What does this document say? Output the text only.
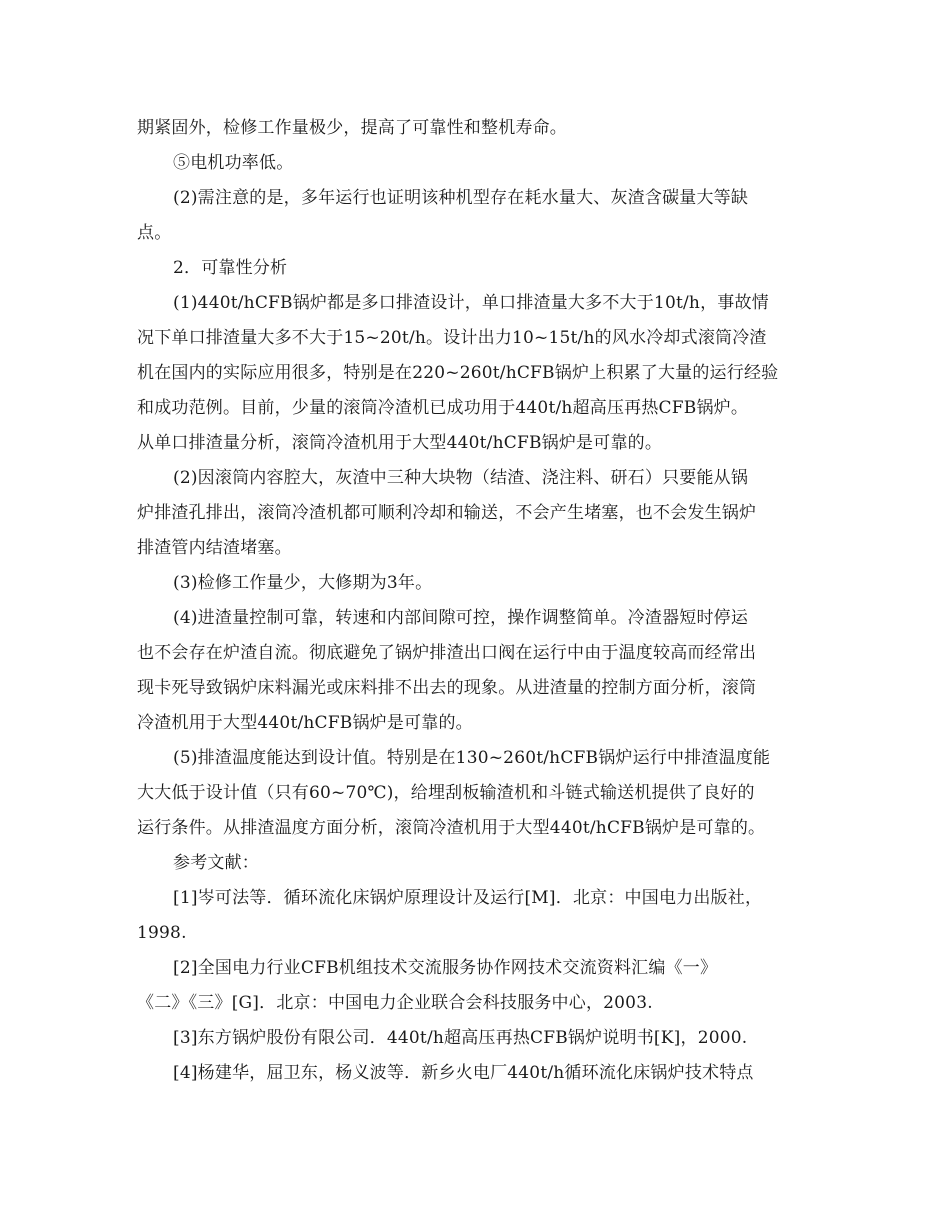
期紧固外，检修工作量极少，提高了可靠性和整机寿命。
⑤电机功率低。
(2)需注意的是，多年运行也证明该种机型存在耗水量大、灰渣含碳量大等缺
点。
2．可靠性分析
(1)440t/hCFB锅炉都是多口排渣设计，单口排渣量大多不大于10t/h，事故情
况下单口排渣量大多不大于15~20t/h。设计出力10~15t/h的风水冷却式滚筒冷渣
机在国内的实际应用很多，特别是在220~260t/hCFB锅炉上积累了大量的运行经验
和成功范例。目前，少量的滚筒冷渣机已成功用于440t/h超高压再热CFB锅炉。
从单口排渣量分析，滚筒冷渣机用于大型440t/hCFB锅炉是可靠的。
(2)因滚筒内容腔大，灰渣中三种大块物（结渣、浇注料、研石）只要能从锅
炉排渣孔排出，滚筒冷渣机都可顺利冷却和输送，不会产生堵塞，也不会发生锅炉
排渣管内结渣堵塞。
(3)检修工作量少，大修期为3年。
(4)进渣量控制可靠，转速和内部间隙可控，操作调整简单。冷渣器短时停运
也不会存在炉渣自流。彻底避免了锅炉排渣出口阀在运行中由于温度较高而经常出
现卡死导致锅炉床料漏光或床料排不出去的现象。从进渣量的控制方面分析，滚筒
冷渣机用于大型440t/hCFB锅炉是可靠的。
(5)排渣温度能达到设计值。特别是在130~260t/hCFB锅炉运行中排渣温度能
大大低于设计值（只有60~70℃)，给埋刮板输渣机和斗链式输送机提供了良好的
运行条件。从排渣温度方面分析，滚筒冷渣机用于大型440t/hCFB锅炉是可靠的。
参考文献：
[1]岑可法等．循环流化床锅炉原理设计及运行[M]．北京：中国电力出版社，
1998.
[2]全国电力行业CFB机组技术交流服务协作网技术交流资料汇编《一》
《二》《三》[G]．北京：中国电力企业联合会科技服务中心，2003.
[3]东方锅炉股份有限公司．440t/h超高压再热CFB锅炉说明书[K]，2000.
[4]杨建华，屈卫东，杨义波等．新乡火电厂440t/h循环流化床锅炉技术特点
